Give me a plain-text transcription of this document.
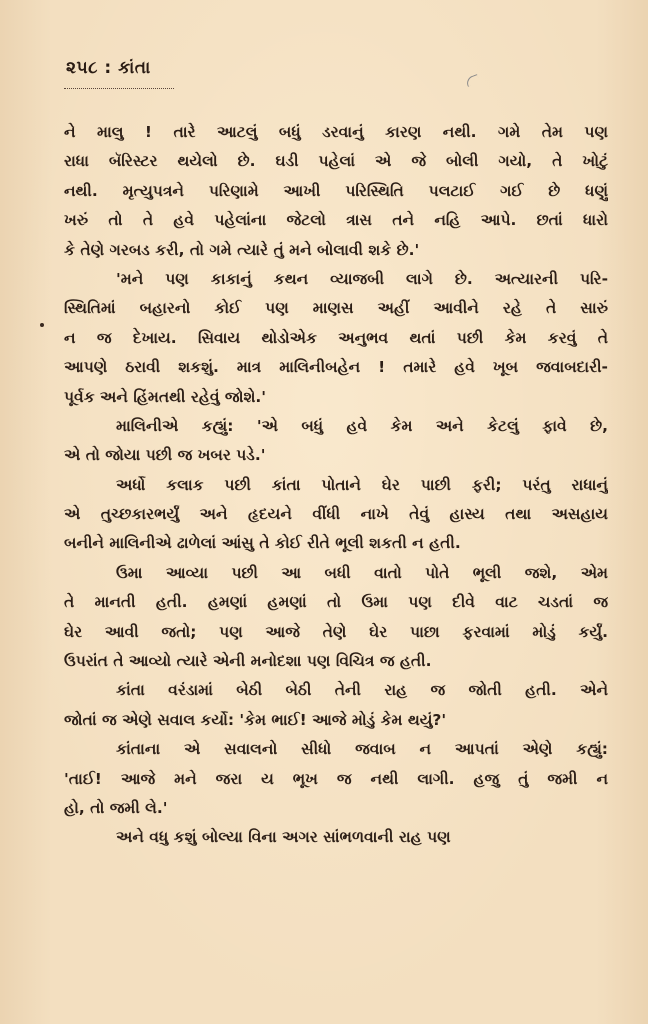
૨૫૮ : કાંતા
ને માલુ ! તારે આટલું બધું ડરવાનું કારણ નથી. ગમે તેમ પણ
રાધા બૅરિસ્ટર થયેલો છે. ઘડી પહેલાં એ જે બોલી ગયો, તે ખોટું
નથી. મૃત્યુપત્રને પરિણામે આખી પરિસ્થિતિ પલટાઈ ગઈ છે ધણું
ખરું તો તે હવે પહેલાંના જેટલો ત્રાસ તને નહિ આપે. છતાં ધારો
કે તેણે ગરબડ કરી, તો ગમે ત્યારે તું મને બોલાવી શકે છે.'
'મને પણ કાકાનું કથન વ્યાજબી લાગે છે. અત્યારની પરિ-
સ્થિતિમાં બહારનો કોઈ પણ માણસ અહીં આવીને રહે તે સારું
ન જ દેખાય. સિવાય થોડોએક અનુભવ થતાં પછી કેમ કરવું તે
આપણે ઠરાવી શકશું. માત્ર માલિનીબહેન ! તમારે હવે ખૂબ જવાબદારી-
પૂર્વક અને હિંમતથી રહેવું જોશે.'
માલિનીએ કહ્યું: 'એ બધું હવે કેમ અને કેટલું ફાવે છે,
એ તો જોયા પછી જ ખબર પડે.'
અર્ધો કલાક પછી કાંતા પોતાને ઘેર પાછી ફરી; પરંતુ રાધાનું
એ તુચ્છકારભર્યું અને હૃદયને વીંધી નાખે તેવું હાસ્ય તથા અસહાય
બનીને માલિનીએ ઢાળેલાં આંસુ તે કોઈ રીતે ભૂલી શકતી ન હતી.
ઉમા આવ્યા પછી આ બધી વાતો પોતે ભૂલી જશે, એમ
તે માનતી હતી. હમણાં હમણાં તો ઉમા પણ દીવે વાટ ચડતાં જ
ઘેર આવી જતો; પણ આજે તેણે ઘેર પાછા ફરવામાં મોડું કર્યું.
ઉપરાંત તે આવ્યો ત્યારે એની મનોદશા પણ વિચિત્ર જ હતી.
કાંતા વરંડામાં બેઠી બેઠી તેની રાહ જ જોતી હતી. એને
જોતાં જ એણે સવાલ કર્યો: 'કેમ ભાઈ! આજે મોડું કેમ થયું?'
કાંતાના એ સવાલનો સીધો જવાબ ન આપતાં એણે કહ્યું:
'તાઈ! આજે મને જરા ય ભૂખ જ નથી લાગી. હજુ તું જમી ન
હો, તો જમી લે.'
અને વધુ કશું બોલ્યા વિના અગર સાંભળવાની રાહ પણ
